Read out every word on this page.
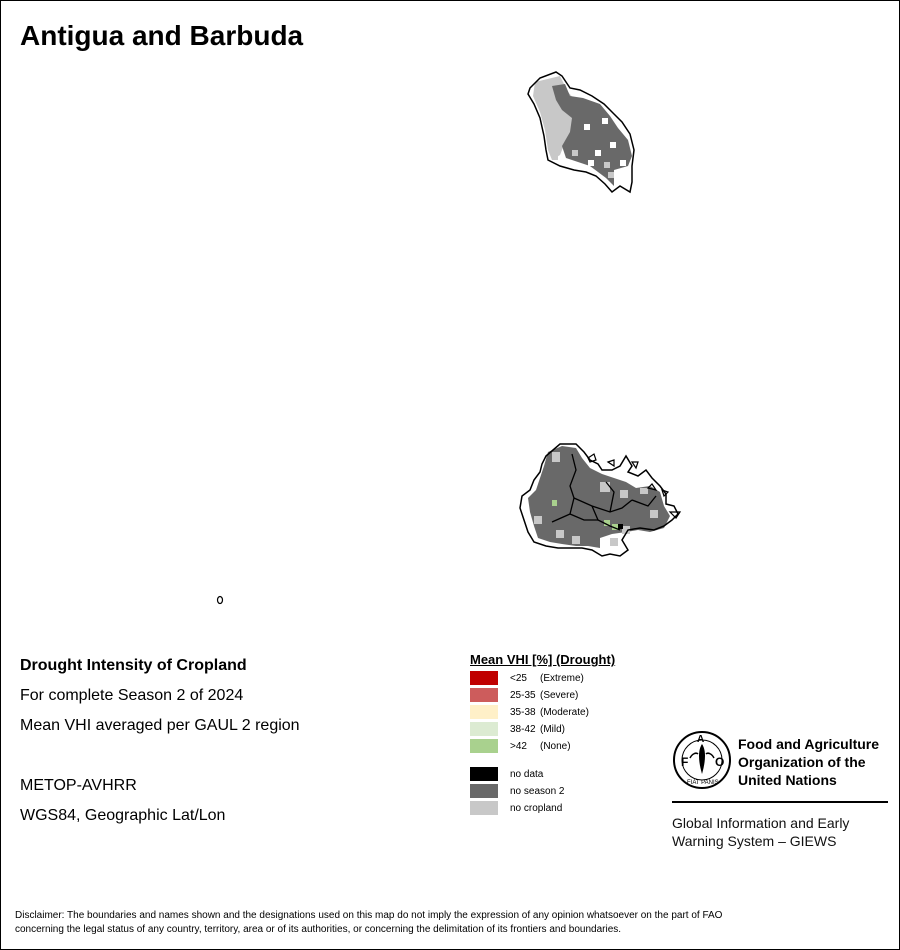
Antigua and Barbuda
Drought Intensity of Cropland
For complete Season 2 of 2024
Mean VHI averaged per GAUL 2 region
METOP-AVHRR
WGS84, Geographic Lat/Lon
Mean VHI [%] (Drought)
<25	(Extreme)
25-35 (Severe)
35-38 (Moderate)
38-42 (Mild)
>42	(None)
no data
no season 2
no cropland
F
A
O
FIAT PANIS
Food and Agriculture
Organization of the
United Nations
Global Information and Early
Warning System – GIEWS
Disclaimer: The boundaries and names shown and the designations used on this map do not imply the expression of any opinion whatsoever on the part of FAO
concerning the legal status of any country, territory, area or of its authorities, or concerning the delimitation of its frontiers and boundaries.
